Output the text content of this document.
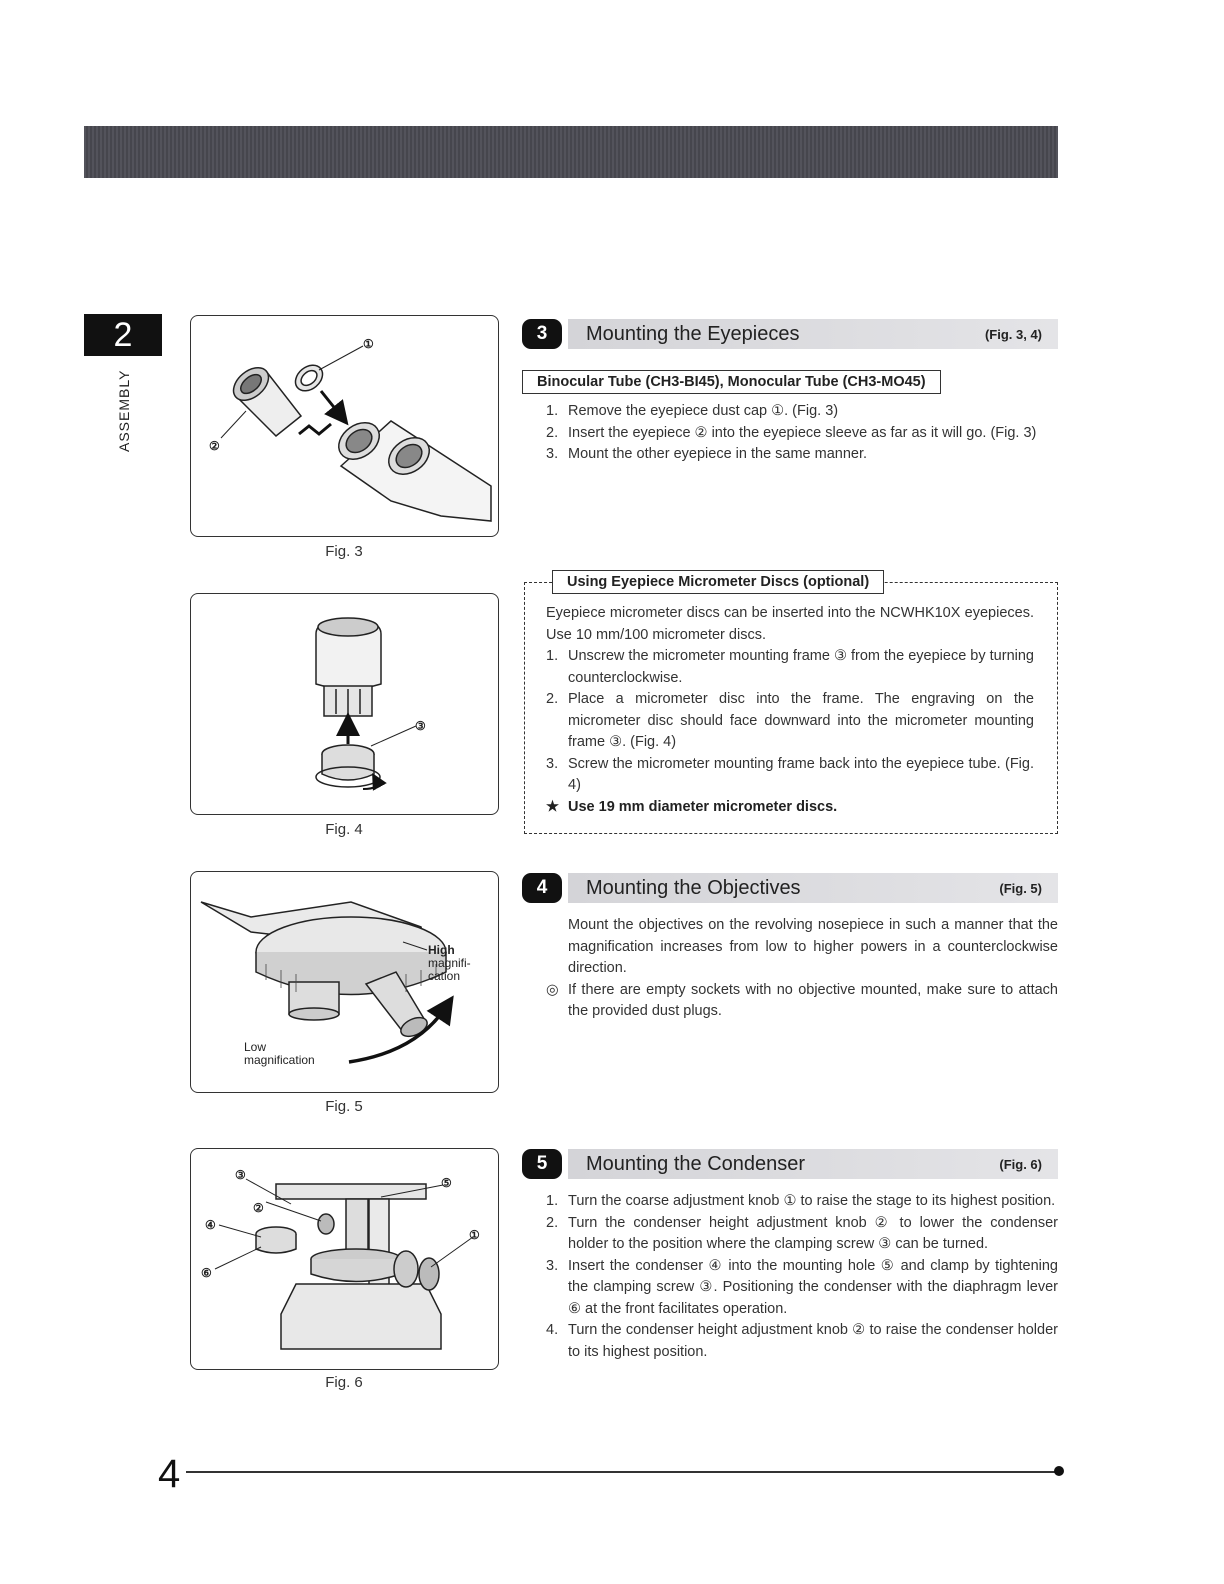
2
ASSEMBLY
①
②
Fig. 3
③
Fig. 4
High
magnifi-
cation
Low
magnification
Fig. 5
①
②
③
④
⑤
⑥
Fig. 6
3	Mounting the Eyepieces	(Fig. 3, 4)
Binocular Tube (CH3-BI45), Monocular Tube (CH3-MO45)
1. Remove the eyepiece dust cap ①. (Fig. 3)
2. Insert the eyepiece ② into the eyepiece sleeve as far as it will go. (Fig. 3)
3. Mount the other eyepiece in the same manner.
Using Eyepiece Micrometer Discs (optional)
Eyepiece micrometer discs can be inserted into the NCWHK10X eyepieces. Use 10 mm/100 micrometer discs.
1. Unscrew the micrometer mounting frame ③ from the eyepiece by turning counterclockwise.
2. Place a micrometer disc into the frame. The engraving on the micrometer disc should face downward into the micrometer mounting frame ③. (Fig. 4)
3. Screw the micrometer mounting frame back into the eyepiece tube. (Fig. 4)
★ Use 19 mm diameter micrometer discs.
4	Mounting the Objectives	(Fig. 5)
Mount the objectives on the revolving nosepiece in such a manner that the magnification increases from low to higher powers in a counterclockwise direction.
◎ If there are empty sockets with no objective mounted, make sure to attach the provided dust plugs.
5	Mounting the Condenser	(Fig. 6)
1. Turn the coarse adjustment knob ① to raise the stage to its highest position.
2. Turn the condenser height adjustment knob ② to lower the condenser holder to the position where the clamping screw ③ can be turned.
3. Insert the condenser ④ into the mounting hole ⑤ and clamp by tightening the clamping screw ③. Positioning the condenser with the diaphragm lever ⑥ at the front facilitates operation.
4. Turn the condenser height adjustment knob ② to raise the condenser holder to its highest position.
4
